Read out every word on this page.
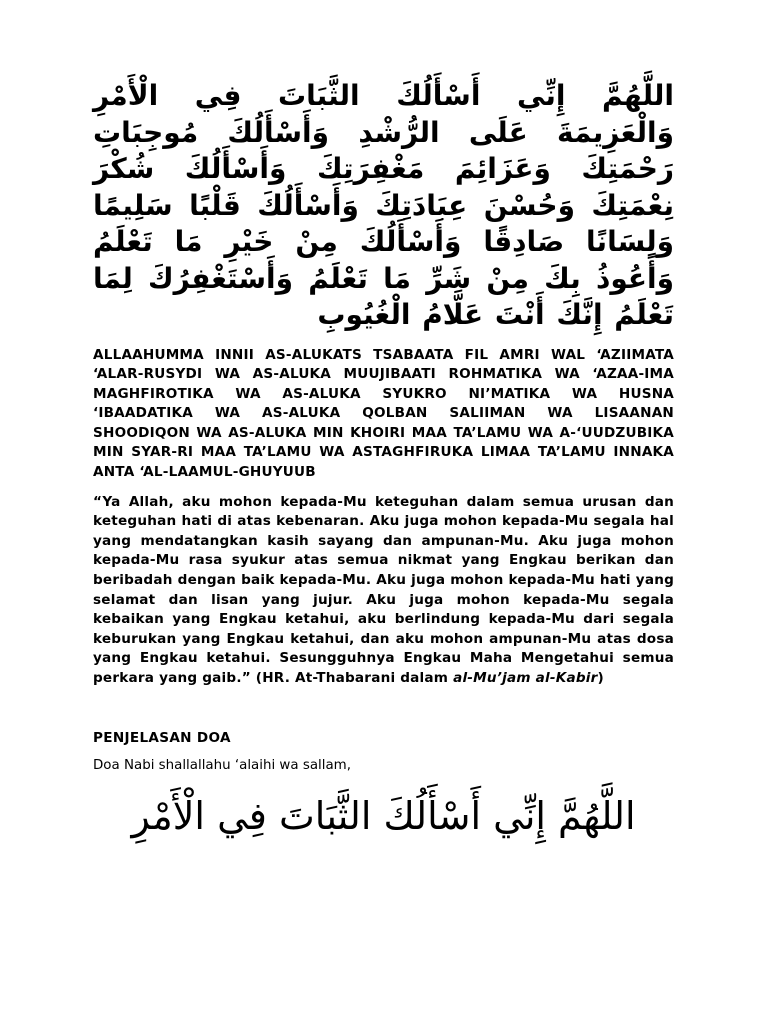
اللَّهُمَّ إِنِّي أَسْأَلُكَ الثَّبَاتَ فِي الْأَمْرِ وَالْعَزِيمَةَ عَلَى الرُّشْدِ وَأَسْأَلُكَ مُوجِبَاتِ رَحْمَتِكَ وَعَزَائِمَ مَغْفِرَتِكَ وَأَسْأَلُكَ شُكْرَ نِعْمَتِكَ وَحُسْنَ عِبَادَتِكَ وَأَسْأَلُكَ قَلْبًا سَلِيمًا وَلِسَانًا صَادِقًا وَأَسْأَلُكَ مِنْ خَيْرِ مَا تَعْلَمُ وَأَعُوذُ بِكَ مِنْ شَرِّ مَا تَعْلَمُ وَأَسْتَغْفِرُكَ لِمَا تَعْلَمُ إِنَّكَ أَنْتَ عَلَّامُ الْغُيُوبِ

ALLAAHUMMA INNII AS-ALUKATS TSABAATA FIL AMRI WAL ‘AZIIMATA ‘ALAR-RUSYDI WA AS-ALUKA MUUJIBAATI ROHMATIKA WA ‘AZAA-IMA MAGHFIROTIKA WA AS-ALUKA SYUKRO NI’MATIKA WA HUSNA ‘IBAADATIKA WA AS-ALUKA QOLBAN SALIIMAN WA LISAANAN SHOODIQON WA AS-ALUKA MIN KHOIRI MAA TA’LAMU WA A-‘UUDZUBIKA MIN SYAR-RI MAA TA’LAMU WA ASTAGHFIRUKA LIMAA TA’LAMU INNAKA ANTA ‘AL-LAAMUL-GHUYUUB

“Ya Allah, aku mohon kepada-Mu keteguhan dalam semua urusan dan keteguhan hati di atas kebenaran. Aku juga mohon kepada-Mu segala hal yang mendatangkan kasih sayang dan ampunan-Mu. Aku juga mohon kepada-Mu rasa syukur atas semua nikmat yang Engkau berikan dan beribadah dengan baik kepada-Mu. Aku juga mohon kepada-Mu hati yang selamat dan lisan yang jujur. Aku juga mohon kepada-Mu segala kebaikan yang Engkau ketahui, aku berlindung kepada-Mu dari segala keburukan yang Engkau ketahui, dan aku mohon ampunan-Mu atas dosa yang Engkau ketahui. Sesungguhnya Engkau Maha Mengetahui semua perkara yang gaib.” (HR. At-Thabarani dalam al-Mu’jam al-Kabir)

PENJELASAN DOA

Doa Nabi shallallahu ‘alaihi wa sallam,

اللَّهُمَّ إِنِّي أَسْأَلُكَ الثَّبَاتَ فِي الْأَمْرِ
